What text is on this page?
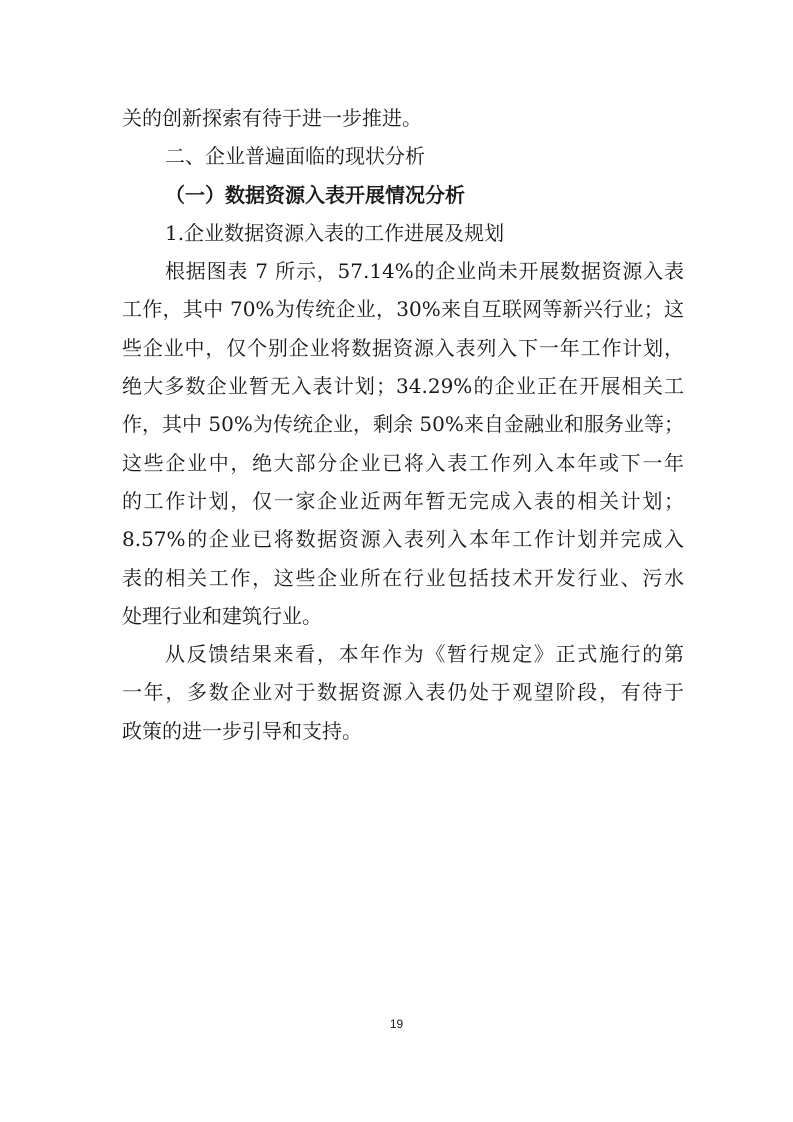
关的创新探索有待于进一步推进。
二、企业普遍面临的现状分析
（一）数据资源入表开展情况分析
1.企业数据资源入表的工作进展及规划
根据图表 7 所示，57.14%的企业尚未开展数据资源入表
工作，其中 70%为传统企业，30%来自互联网等新兴行业；这
些企业中，仅个别企业将数据资源入表列入下一年工作计划，
绝大多数企业暂无入表计划；34.29%的企业正在开展相关工
作，其中 50%为传统企业，剩余 50%来自金融业和服务业等；
这些企业中，绝大部分企业已将入表工作列入本年或下一年
的工作计划，仅一家企业近两年暂无完成入表的相关计划；
8.57%的企业已将数据资源入表列入本年工作计划并完成入
表的相关工作，这些企业所在行业包括技术开发行业、污水
处理行业和建筑行业。
从反馈结果来看，本年作为《暂行规定》正式施行的第
一年，多数企业对于数据资源入表仍处于观望阶段，有待于
政策的进一步引导和支持。
19
